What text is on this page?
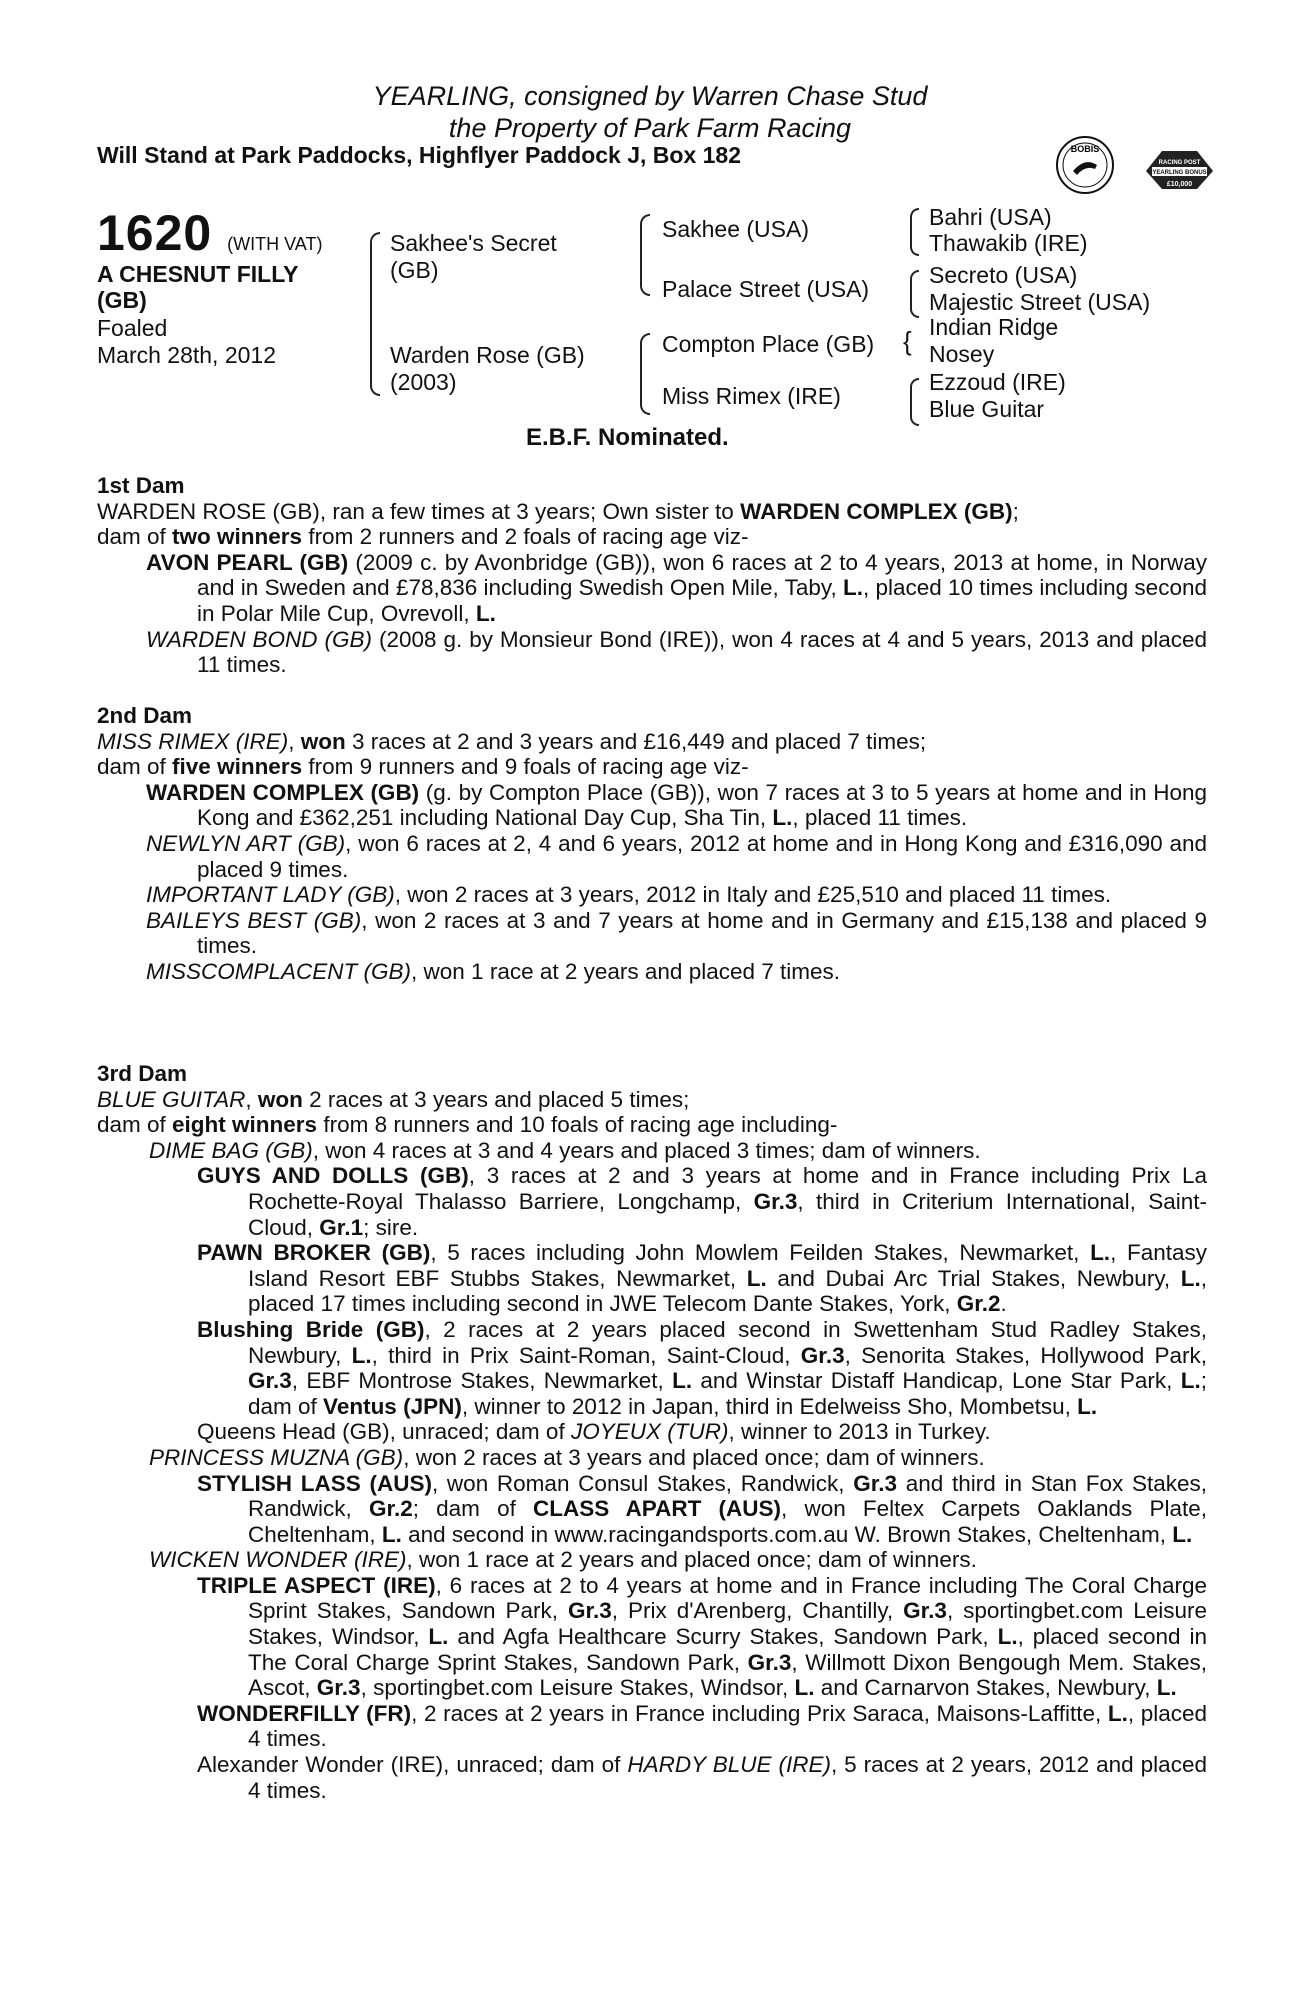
YEARLING, consigned by Warren Chase Stud
the Property of Park Farm Racing
Will Stand at Park Paddocks, Highflyer Paddock J, Box 182	BOBIS
RACING POST
YEARLING BONUS
£10,000
1620 (WITH VAT)
A CHESNUT FILLY
(GB)
Foaled
March 28th, 2012
Sakhee's Secret
(GB)
Warden Rose (GB)
(2003)
Sakhee (USA)
Palace Street (USA)
Compton Place (GB)
Miss Rimex (IRE)
Bahri (USA)
Thawakib (IRE)
Secreto (USA)
Majestic Street (USA)
{ Indian Ridge
Nosey
Ezzoud (IRE)
Blue Guitar
E.B.F. Nominated.

1st Dam

WARDEN ROSE (GB), ran a few times at 3 years; Own sister to WARDEN COMPLEX (GB);

dam of two winners from 2 runners and 2 foals of racing age viz-

AVON PEARL (GB) (2009 c. by Avonbridge (GB)), won 6 races at 2 to 4 years, 2013 at home, in Norway and in Sweden and £78,836 including Swedish Open Mile, Taby, L., placed 10 times including second in Polar Mile Cup, Ovrevoll, L.

WARDEN BOND (GB) (2008 g. by Monsieur Bond (IRE)), won 4 races at 4 and 5 years, 2013 and placed 11 times.

2nd Dam

MISS RIMEX (IRE), won 3 races at 2 and 3 years and £16,449 and placed 7 times;

dam of five winners from 9 runners and 9 foals of racing age viz-

WARDEN COMPLEX (GB) (g. by Compton Place (GB)), won 7 races at 3 to 5 years at home and in Hong Kong and £362,251 including National Day Cup, Sha Tin, L., placed 11 times.

NEWLYN ART (GB), won 6 races at 2, 4 and 6 years, 2012 at home and in Hong Kong and £316,090 and placed 9 times.

IMPORTANT LADY (GB), won 2 races at 3 years, 2012 in Italy and £25,510 and placed 11 times.

BAILEYS BEST (GB), won 2 races at 3 and 7 years at home and in Germany and £15,138 and placed 9 times.

MISSCOMPLACENT (GB), won 1 race at 2 years and placed 7 times.

3rd Dam

BLUE GUITAR, won 2 races at 3 years and placed 5 times;

dam of eight winners from 8 runners and 10 foals of racing age including-

DIME BAG (GB), won 4 races at 3 and 4 years and placed 3 times; dam of winners.

GUYS AND DOLLS (GB), 3 races at 2 and 3 years at home and in France including Prix La Rochette-Royal Thalasso Barriere, Longchamp, Gr.3, third in Criterium International, Saint-Cloud, Gr.1; sire.

PAWN BROKER (GB), 5 races including John Mowlem Feilden Stakes, Newmarket, L., Fantasy Island Resort EBF Stubbs Stakes, Newmarket, L. and Dubai Arc Trial Stakes, Newbury, L., placed 17 times including second in JWE Telecom Dante Stakes, York, Gr.2.

Blushing Bride (GB), 2 races at 2 years placed second in Swettenham Stud Radley Stakes, Newbury, L., third in Prix Saint-Roman, Saint-Cloud, Gr.3, Senorita Stakes, Hollywood Park, Gr.3, EBF Montrose Stakes, Newmarket, L. and Winstar Distaff Handicap, Lone Star Park, L.; dam of Ventus (JPN), winner to 2012 in Japan, third in Edelweiss Sho, Mombetsu, L.

Queens Head (GB), unraced; dam of JOYEUX (TUR), winner to 2013 in Turkey.

PRINCESS MUZNA (GB), won 2 races at 3 years and placed once; dam of winners.

STYLISH LASS (AUS), won Roman Consul Stakes, Randwick, Gr.3 and third in Stan Fox Stakes, Randwick, Gr.2; dam of CLASS APART (AUS), won Feltex Carpets Oaklands Plate, Cheltenham, L. and second in www.racingandsports.com.au W. Brown Stakes, Cheltenham, L.

WICKEN WONDER (IRE), won 1 race at 2 years and placed once; dam of winners.

TRIPLE ASPECT (IRE), 6 races at 2 to 4 years at home and in France including The Coral Charge Sprint Stakes, Sandown Park, Gr.3, Prix d'Arenberg, Chantilly, Gr.3, sportingbet.com Leisure Stakes, Windsor, L. and Agfa Healthcare Scurry Stakes, Sandown Park, L., placed second in The Coral Charge Sprint Stakes, Sandown Park, Gr.3, Willmott Dixon Bengough Mem. Stakes, Ascot, Gr.3, sportingbet.com Leisure Stakes, Windsor, L. and Carnarvon Stakes, Newbury, L.

WONDERFILLY (FR), 2 races at 2 years in France including Prix Saraca, Maisons-Laffitte, L., placed 4 times.

Alexander Wonder (IRE), unraced; dam of HARDY BLUE (IRE), 5 races at 2 years, 2012 and placed 4 times.
